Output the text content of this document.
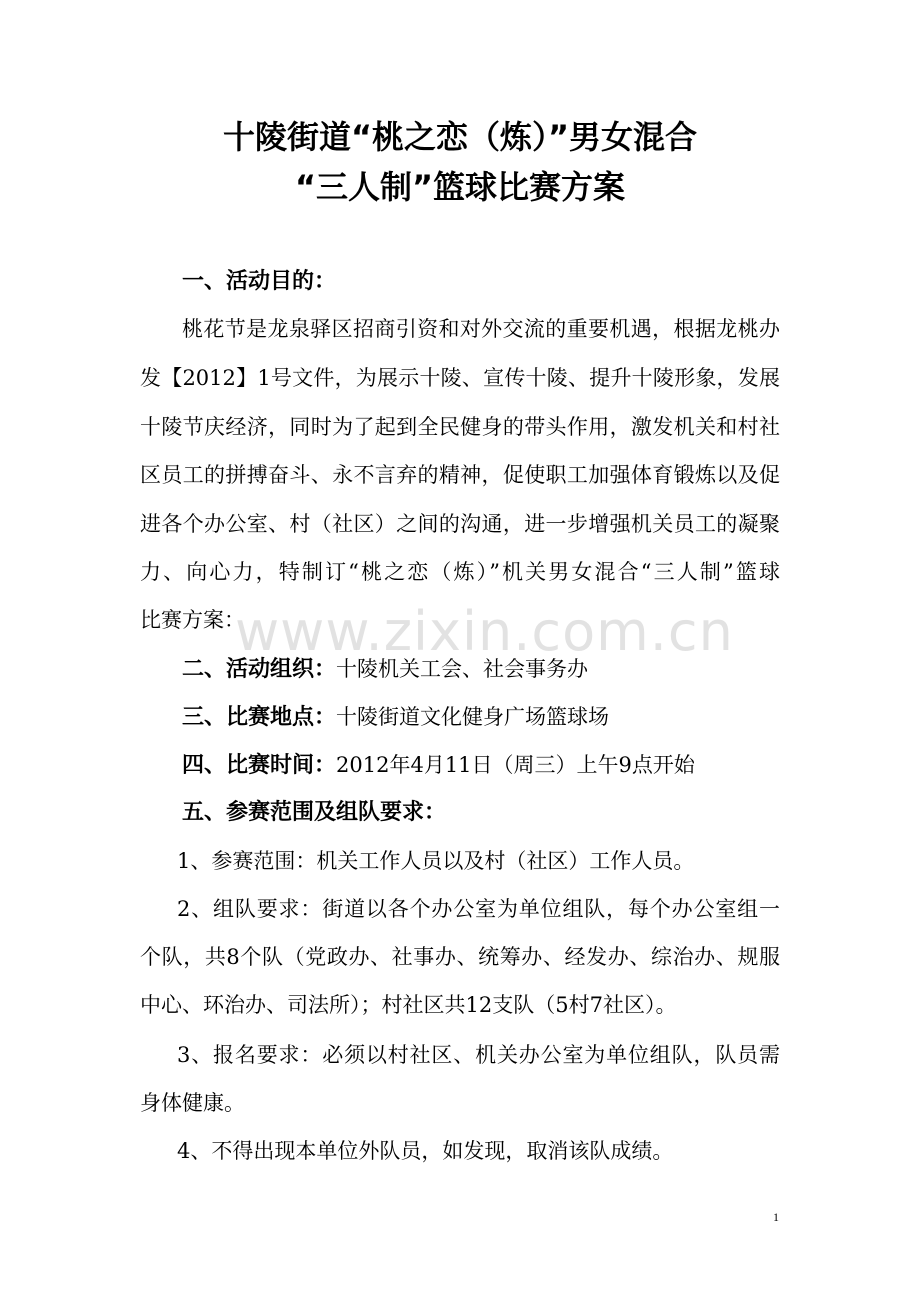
十陵街道“桃之恋（炼）”男女混合
“三人制”篮球比赛方案
一、活动目的：
桃花节是龙泉驿区招商引资和对外交流的重要机遇，根据龙桃办
发【2012】1号文件，为展示十陵、宣传十陵、提升十陵形象，发展
十陵节庆经济，同时为了起到全民健身的带头作用，激发机关和村社
区员工的拼搏奋斗、永不言弃的精神，促使职工加强体育锻炼以及促
进各个办公室、村（社区）之间的沟通，进一步增强机关员工的凝聚
力、向心力，特制订“桃之恋（炼）”机关男女混合“三人制”篮球
比赛方案：
www.zixin.com.cn
二、活动组织：十陵机关工会、社会事务办
三、比赛地点：十陵街道文化健身广场篮球场
四、比赛时间：2012年4月11日（周三）上午9点开始
五、参赛范围及组队要求：
1、参赛范围：机关工作人员以及村（社区）工作人员。
2、组队要求：街道以各个办公室为单位组队，每个办公室组一
个队，共8个队（党政办、社事办、统筹办、经发办、综治办、规服
中心、环治办、司法所）；村社区共12支队（5村7社区）。
3、报名要求：必须以村社区、机关办公室为单位组队，队员需
身体健康。
4、不得出现本单位外队员，如发现，取消该队成绩。
1
